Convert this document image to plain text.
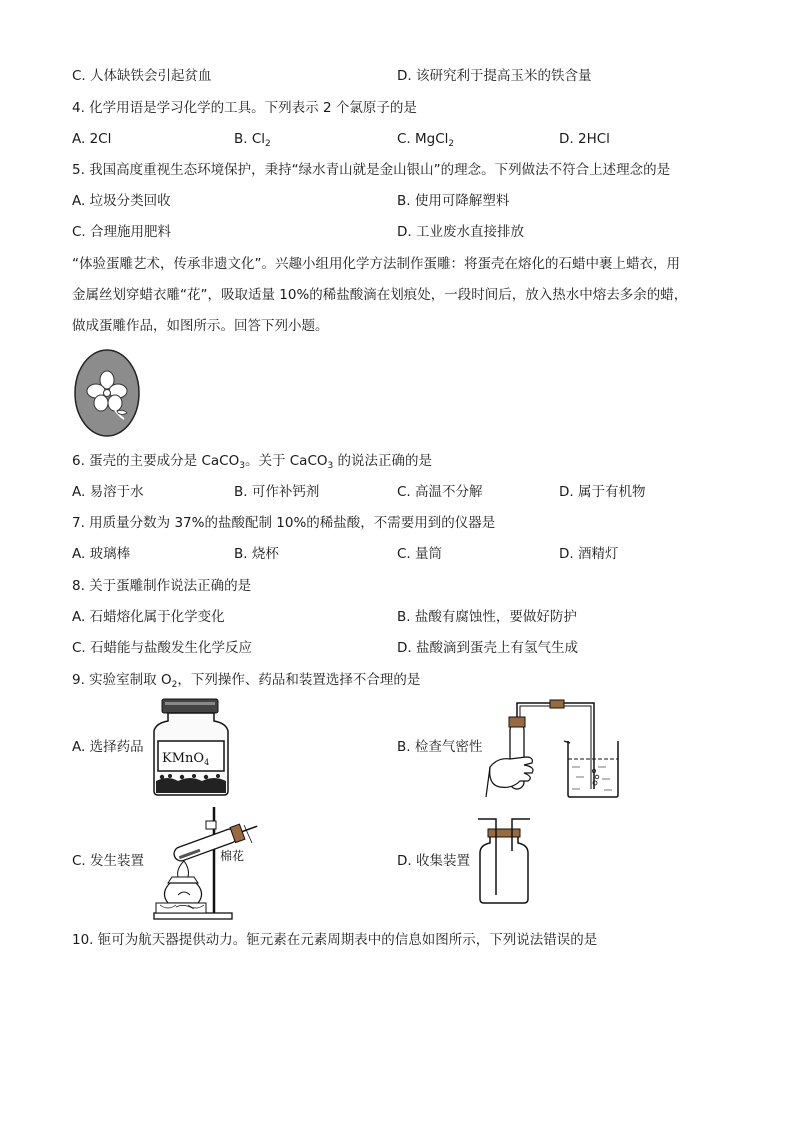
C. 人体缺铁会引起贫血	D. 该研究利于提高玉米的铁含量
4. 化学用语是学习化学的工具。下列表示 2 个氯原子的是
A. 2Cl	B. $Cl_2$	C. MgCl$_2$	D. 2HCl
5. 我国高度重视生态环境保护，秉持“绿水青山就是金山银山”的理念。下列做法不符合上述理念的是
A. 垃圾分类回收	B. 使用可降解塑料
C. 合理施用肥料	D. 工业废水直接排放
“体验蛋雕艺术，传承非遗文化”。兴趣小组用化学方法制作蛋雕：将蛋壳在熔化的石蜡中裹上蜡衣，用
金属丝划穿蜡衣雕“花”，吸取适量 10%的稀盐酸滴在划痕处，一段时间后，放入热水中熔去多余的蜡，
做成蛋雕作品，如图所示。回答下列小题。
6. 蛋壳的主要成分是 CaCO$_3$。关于 CaCO$_3$ 的说法正确的是
A. 易溶于水	B. 可作补钙剂	C. 高温不分解	D. 属于有机物
7. 用质量分数为 37%的盐酸配制 10%的稀盐酸，不需要用到的仪器是
A. 玻璃棒	B. 烧杯	C. 量筒	D. 酒精灯
8. 关于蛋雕制作说法正确的是
A. 石蜡熔化属于化学变化	B. 盐酸有腐蚀性，要做好防护
C. 石蜡能与盐酸发生化学反应	D. 盐酸滴到蛋壳上有氢气生成
9. 实验室制取 $O_2$，下列操作、药品和装置选择不合理的是
A. 选择药品
KMnO$_4$
B. 检查气密性
C. 发生装置	棉花	D. 收集装置
10. 钷可为航天器提供动力。钷元素在元素周期表中的信息如图所示，下列说法错误的是
